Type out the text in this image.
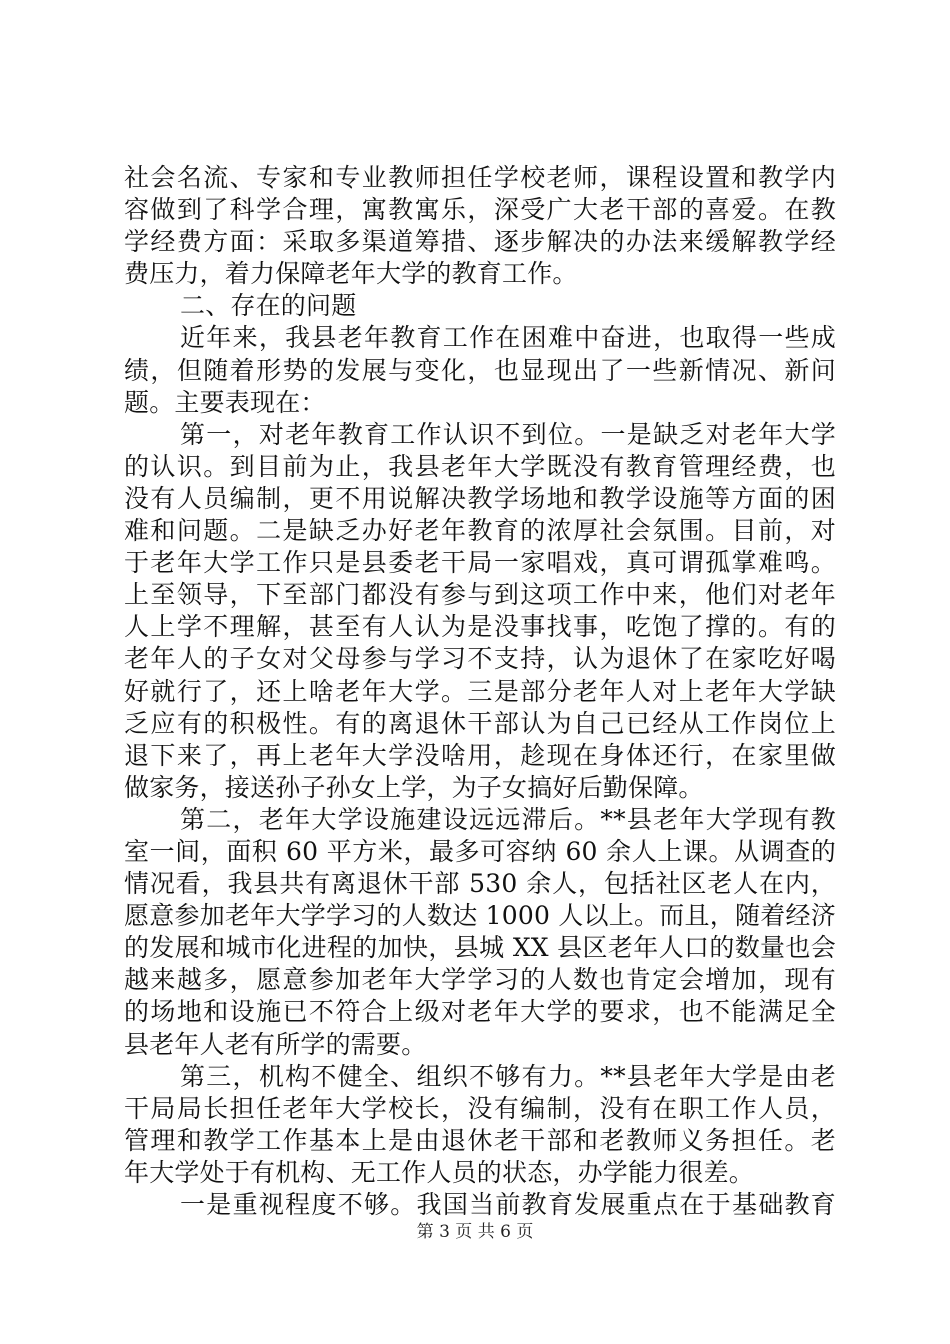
社会名流、专家和专业教师担任学校老师，课程设置和教学内
容做到了科学合理，寓教寓乐，深受广大老干部的喜爱。在教
学经费方面：采取多渠道筹措、逐步解决的办法来缓解教学经
费压力，着力保障老年大学的教育工作。
二、存在的问题
近年来，我县老年教育工作在困难中奋进，也取得一些成
绩，但随着形势的发展与变化，也显现出了一些新情况、新问
题。主要表现在：
第一，对老年教育工作认识不到位。一是缺乏对老年大学
的认识。到目前为止，我县老年大学既没有教育管理经费，也
没有人员编制，更不用说解决教学场地和教学设施等方面的困
难和问题。二是缺乏办好老年教育的浓厚社会氛围。目前，对
于老年大学工作只是县委老干局一家唱戏，真可谓孤掌难鸣。
上至领导，下至部门都没有参与到这项工作中来，他们对老年
人上学不理解，甚至有人认为是没事找事，吃饱了撑的。有的
老年人的子女对父母参与学习不支持，认为退休了在家吃好喝
好就行了，还上啥老年大学。三是部分老年人对上老年大学缺
乏应有的积极性。有的离退休干部认为自己已经从工作岗位上
退下来了，再上老年大学没啥用，趁现在身体还行，在家里做
做家务，接送孙子孙女上学，为子女搞好后勤保障。
第二，老年大学设施建设远远滞后。**县老年大学现有教
室一间，面积 60 平方米，最多可容纳 60 余人上课。从调查的
情况看，我县共有离退休干部 530 余人，包括社区老人在内，
愿意参加老年大学学习的人数达 1000 人以上。而且，随着经济
的发展和城市化进程的加快，县城 XX 县区老年人口的数量也会
越来越多，愿意参加老年大学学习的人数也肯定会增加，现有
的场地和设施已不符合上级对老年大学的要求，也不能满足全
县老年人老有所学的需要。
第三，机构不健全、组织不够有力。**县老年大学是由老
干局局长担任老年大学校长，没有编制，没有在职工作人员，
管理和教学工作基本上是由退休老干部和老教师义务担任。老
年大学处于有机构、无工作人员的状态，办学能力很差。
一是重视程度不够。我国当前教育发展重点在于基础教育
第 3 页 共 6 页
